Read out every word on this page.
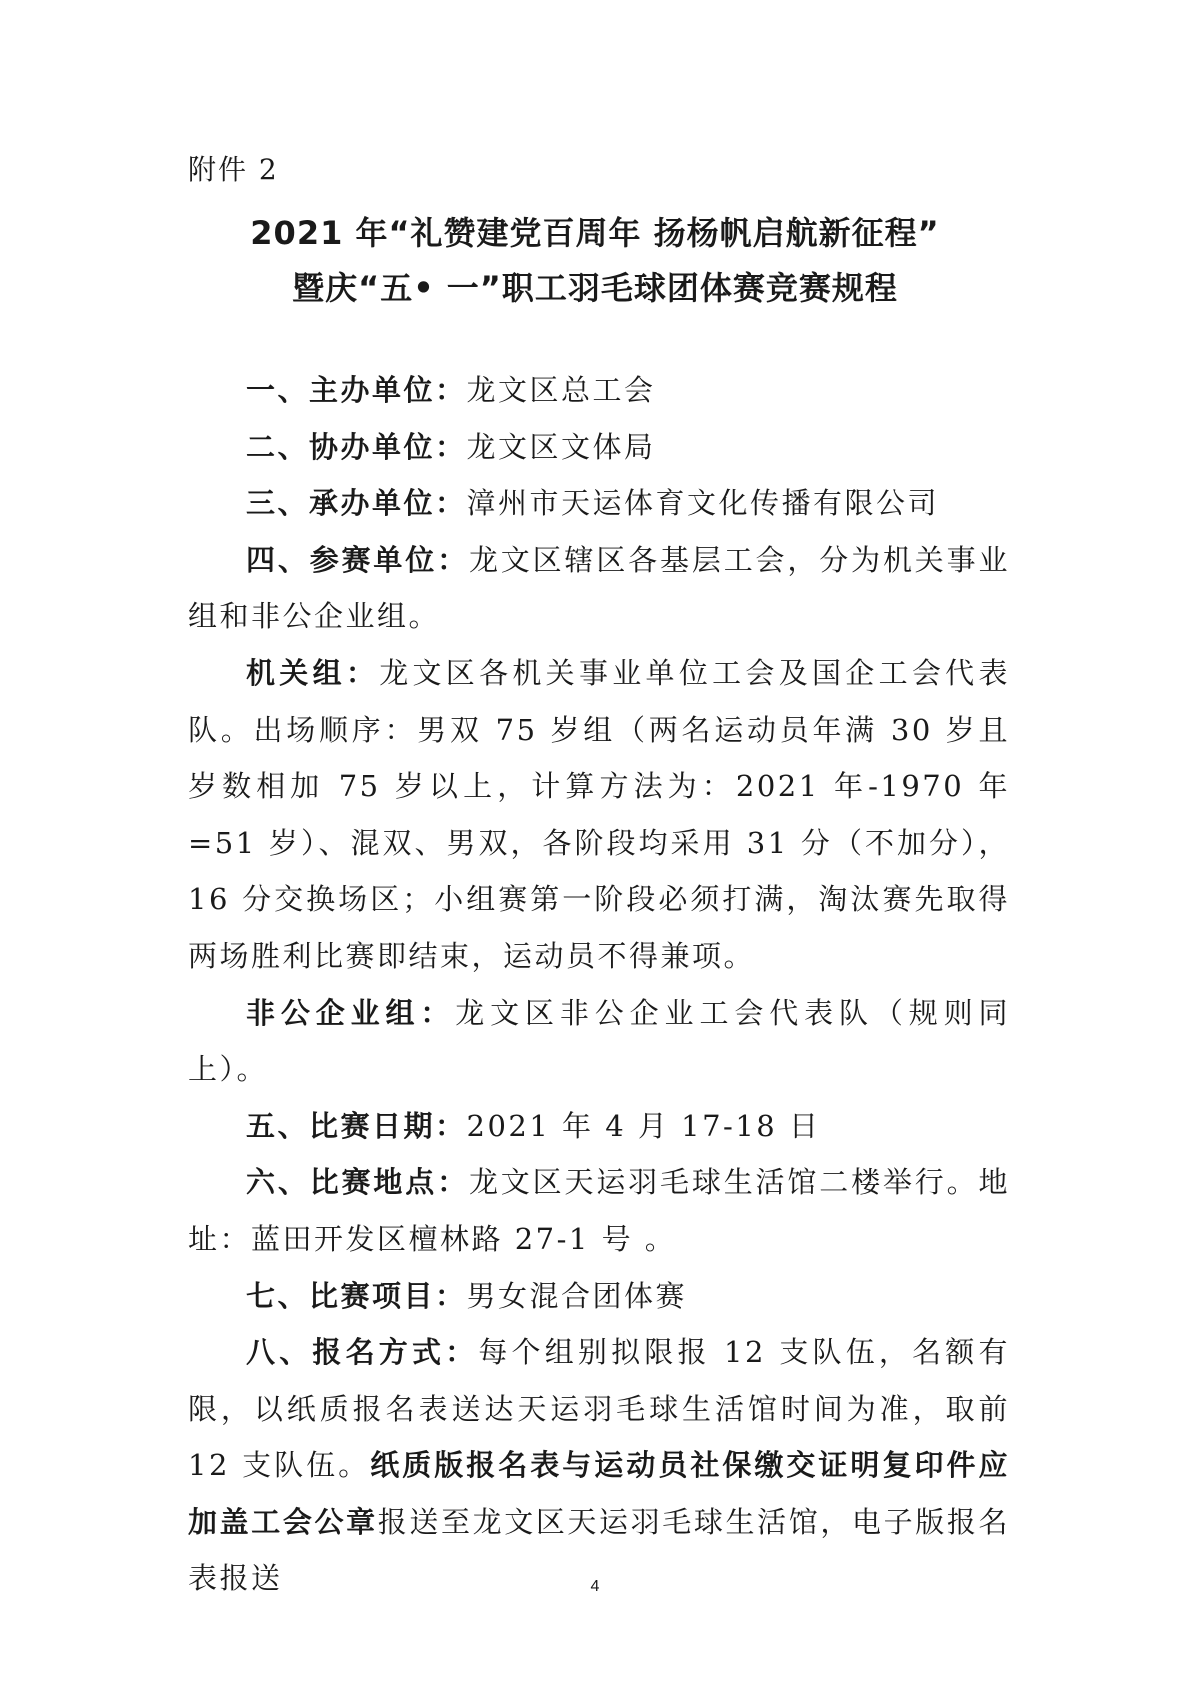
附件 2
2021 年“礼赞建党百周年 扬杨帆启航新征程”
暨庆“五• 一”职工羽毛球团体赛竞赛规程

一、主办单位：龙文区总工会

二、协办单位：龙文区文体局

三、承办单位：漳州市天运体育文化传播有限公司

四、参赛单位：龙文区辖区各基层工会，分为机关事业组和非公企业组。

机关组：龙文区各机关事业单位工会及国企工会代表队。出场顺序：男双 75 岁组（两名运动员年满 30 岁且岁数相加 75 岁以上，计算方法为：2021 年-1970 年=51 岁）、混双、男双，各阶段均采用 31 分（不加分），16 分交换场区；小组赛第一阶段必须打满，淘汰赛先取得两场胜利比赛即结束，运动员不得兼项。

非公企业组：龙文区非公企业工会代表队（规则同上）。

五、比赛日期：2021 年 4 月 17-18 日

六、比赛地点：龙文区天运羽毛球生活馆二楼举行。地址：蓝田开发区檀林路 27-1 号 。

七、比赛项目：男女混合团体赛

八、报名方式：每个组别拟限报 12 支队伍，名额有限，以纸质报名表送达天运羽毛球生活馆时间为准，取前 12 支队伍。纸质版报名表与运动员社保缴交证明复印件应加盖工会公章报送至龙文区天运羽毛球生活馆，电子版报名表报送	4
